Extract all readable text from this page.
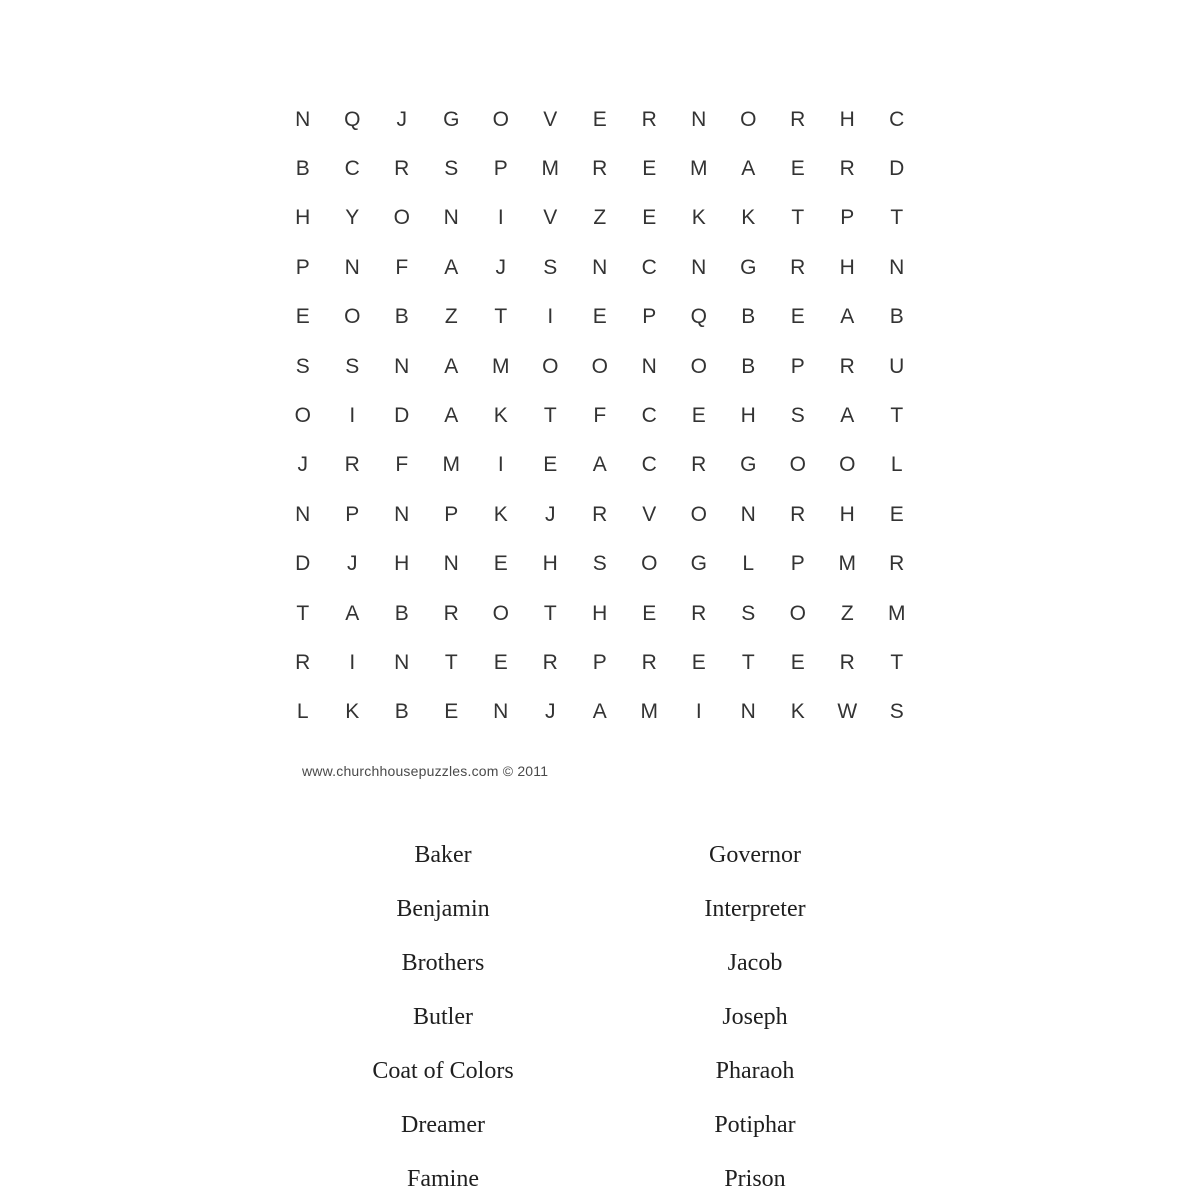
N	Q	J	G	O	V	E	R	N	O	R	H	C
B	C	R	S	P	M	R	E	M	A	E	R	D
H	Y	O	N	I	V	Z	E	K	K	T	P	T
P	N	F	A	J	S	N	C	N	G	R	H	N
E	O	B	Z	T	I	E	P	Q	B	E	A	B
S	S	N	A	M	O	O	N	O	B	P	R	U
O	I	D	A	K	T	F	C	E	H	S	A	T
J	R	F	M	I	E	A	C	R	G	O	O	L
N	P	N	P	K	J	R	V	O	N	R	H	E
D	J	H	N	E	H	S	O	G	L	P	M	R
T	A	B	R	O	T	H	E	R	S	O	Z	M
R	I	N	T	E	R	P	R	E	T	E	R	T
L	K	B	E	N	J	A	M	I	N	K	W	S
www.churchhousepuzzles.com © 2011
Baker
Benjamin
Brothers
Butler
Coat of Colors
Dreamer
Famine
Governor
Interpreter
Jacob
Joseph
Pharaoh
Potiphar
Prison
